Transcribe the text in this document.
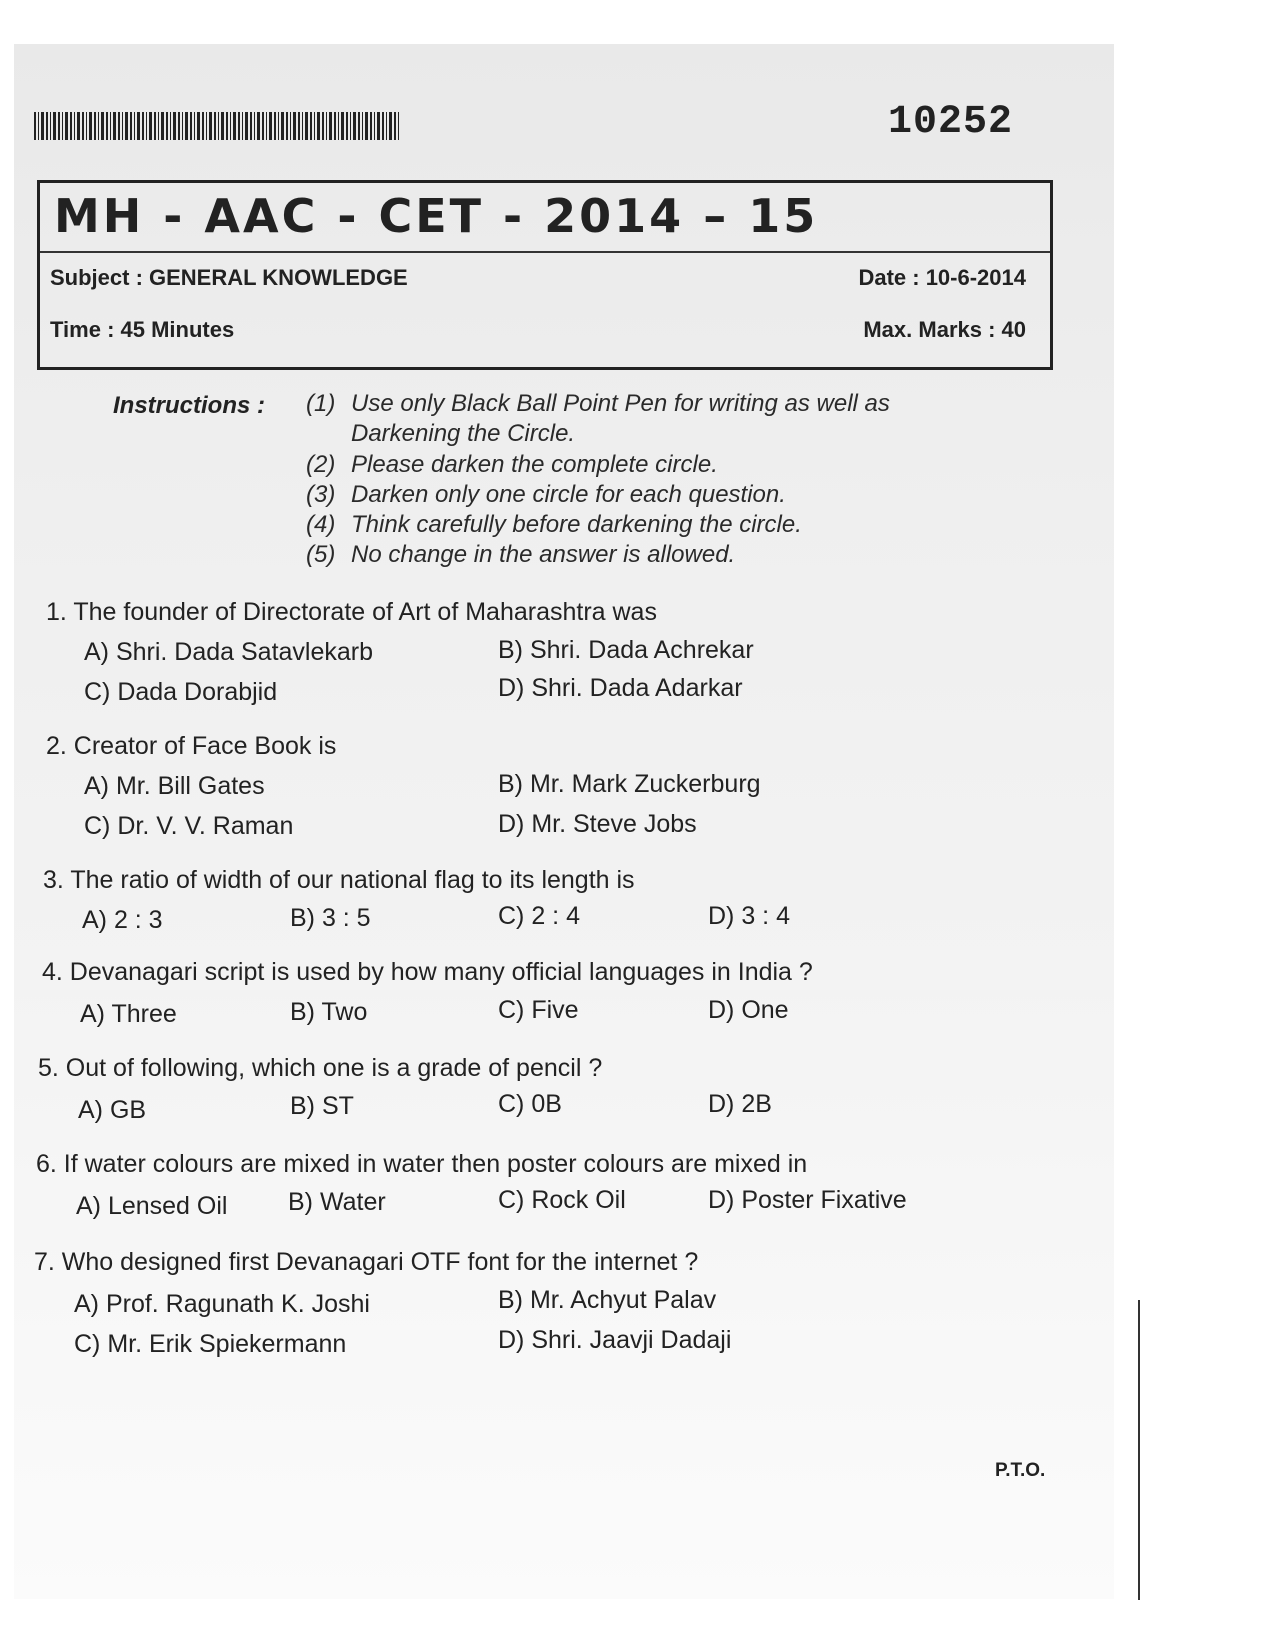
10252
MH - AAC - CET - 2014 – 15
Subject : GENERAL KNOWLEDGE	Date : 10-6-2014
Time : 45 Minutes	Max. Marks : 40
Instructions : (1) Use only Black Ball Point Pen for writing as well as
Darkening the Circle.
(2) Please darken the complete circle.
(3) Darken only one circle for each question.
(4) Think carefully before darkening the circle.
(5) No change in the answer is allowed.
1. The founder of Directorate of Art of Maharashtra was
A) Shri. Dada Satavlekarb	B) Shri. Dada Achrekar
C) Dada Dorabjid	D) Shri. Dada Adarkar
2. Creator of Face Book is
A) Mr. Bill Gates	B) Mr. Mark Zuckerburg
C) Dr. V. V. Raman	D) Mr. Steve Jobs
3. The ratio of width of our national flag to its length is
A) 2 : 3	B) 3 : 5	C) 2 : 4	D) 3 : 4
4. Devanagari script is used by how many official languages in India ?
A) Three	B) Two	C) Five	D) One
5. Out of following, which one is a grade of pencil ?
A) GB	B) ST	C) 0B	D) 2B
6. If water colours are mixed in water then poster colours are mixed in
A) Lensed Oil B) Water	C) Rock Oil	D) Poster Fixative
7. Who designed first Devanagari OTF font for the internet ?
A) Prof. Ragunath K. Joshi	B) Mr. Achyut Palav
C) Mr. Erik Spiekermann	D) Shri. Jaavji Dadaji
P.T.O.
